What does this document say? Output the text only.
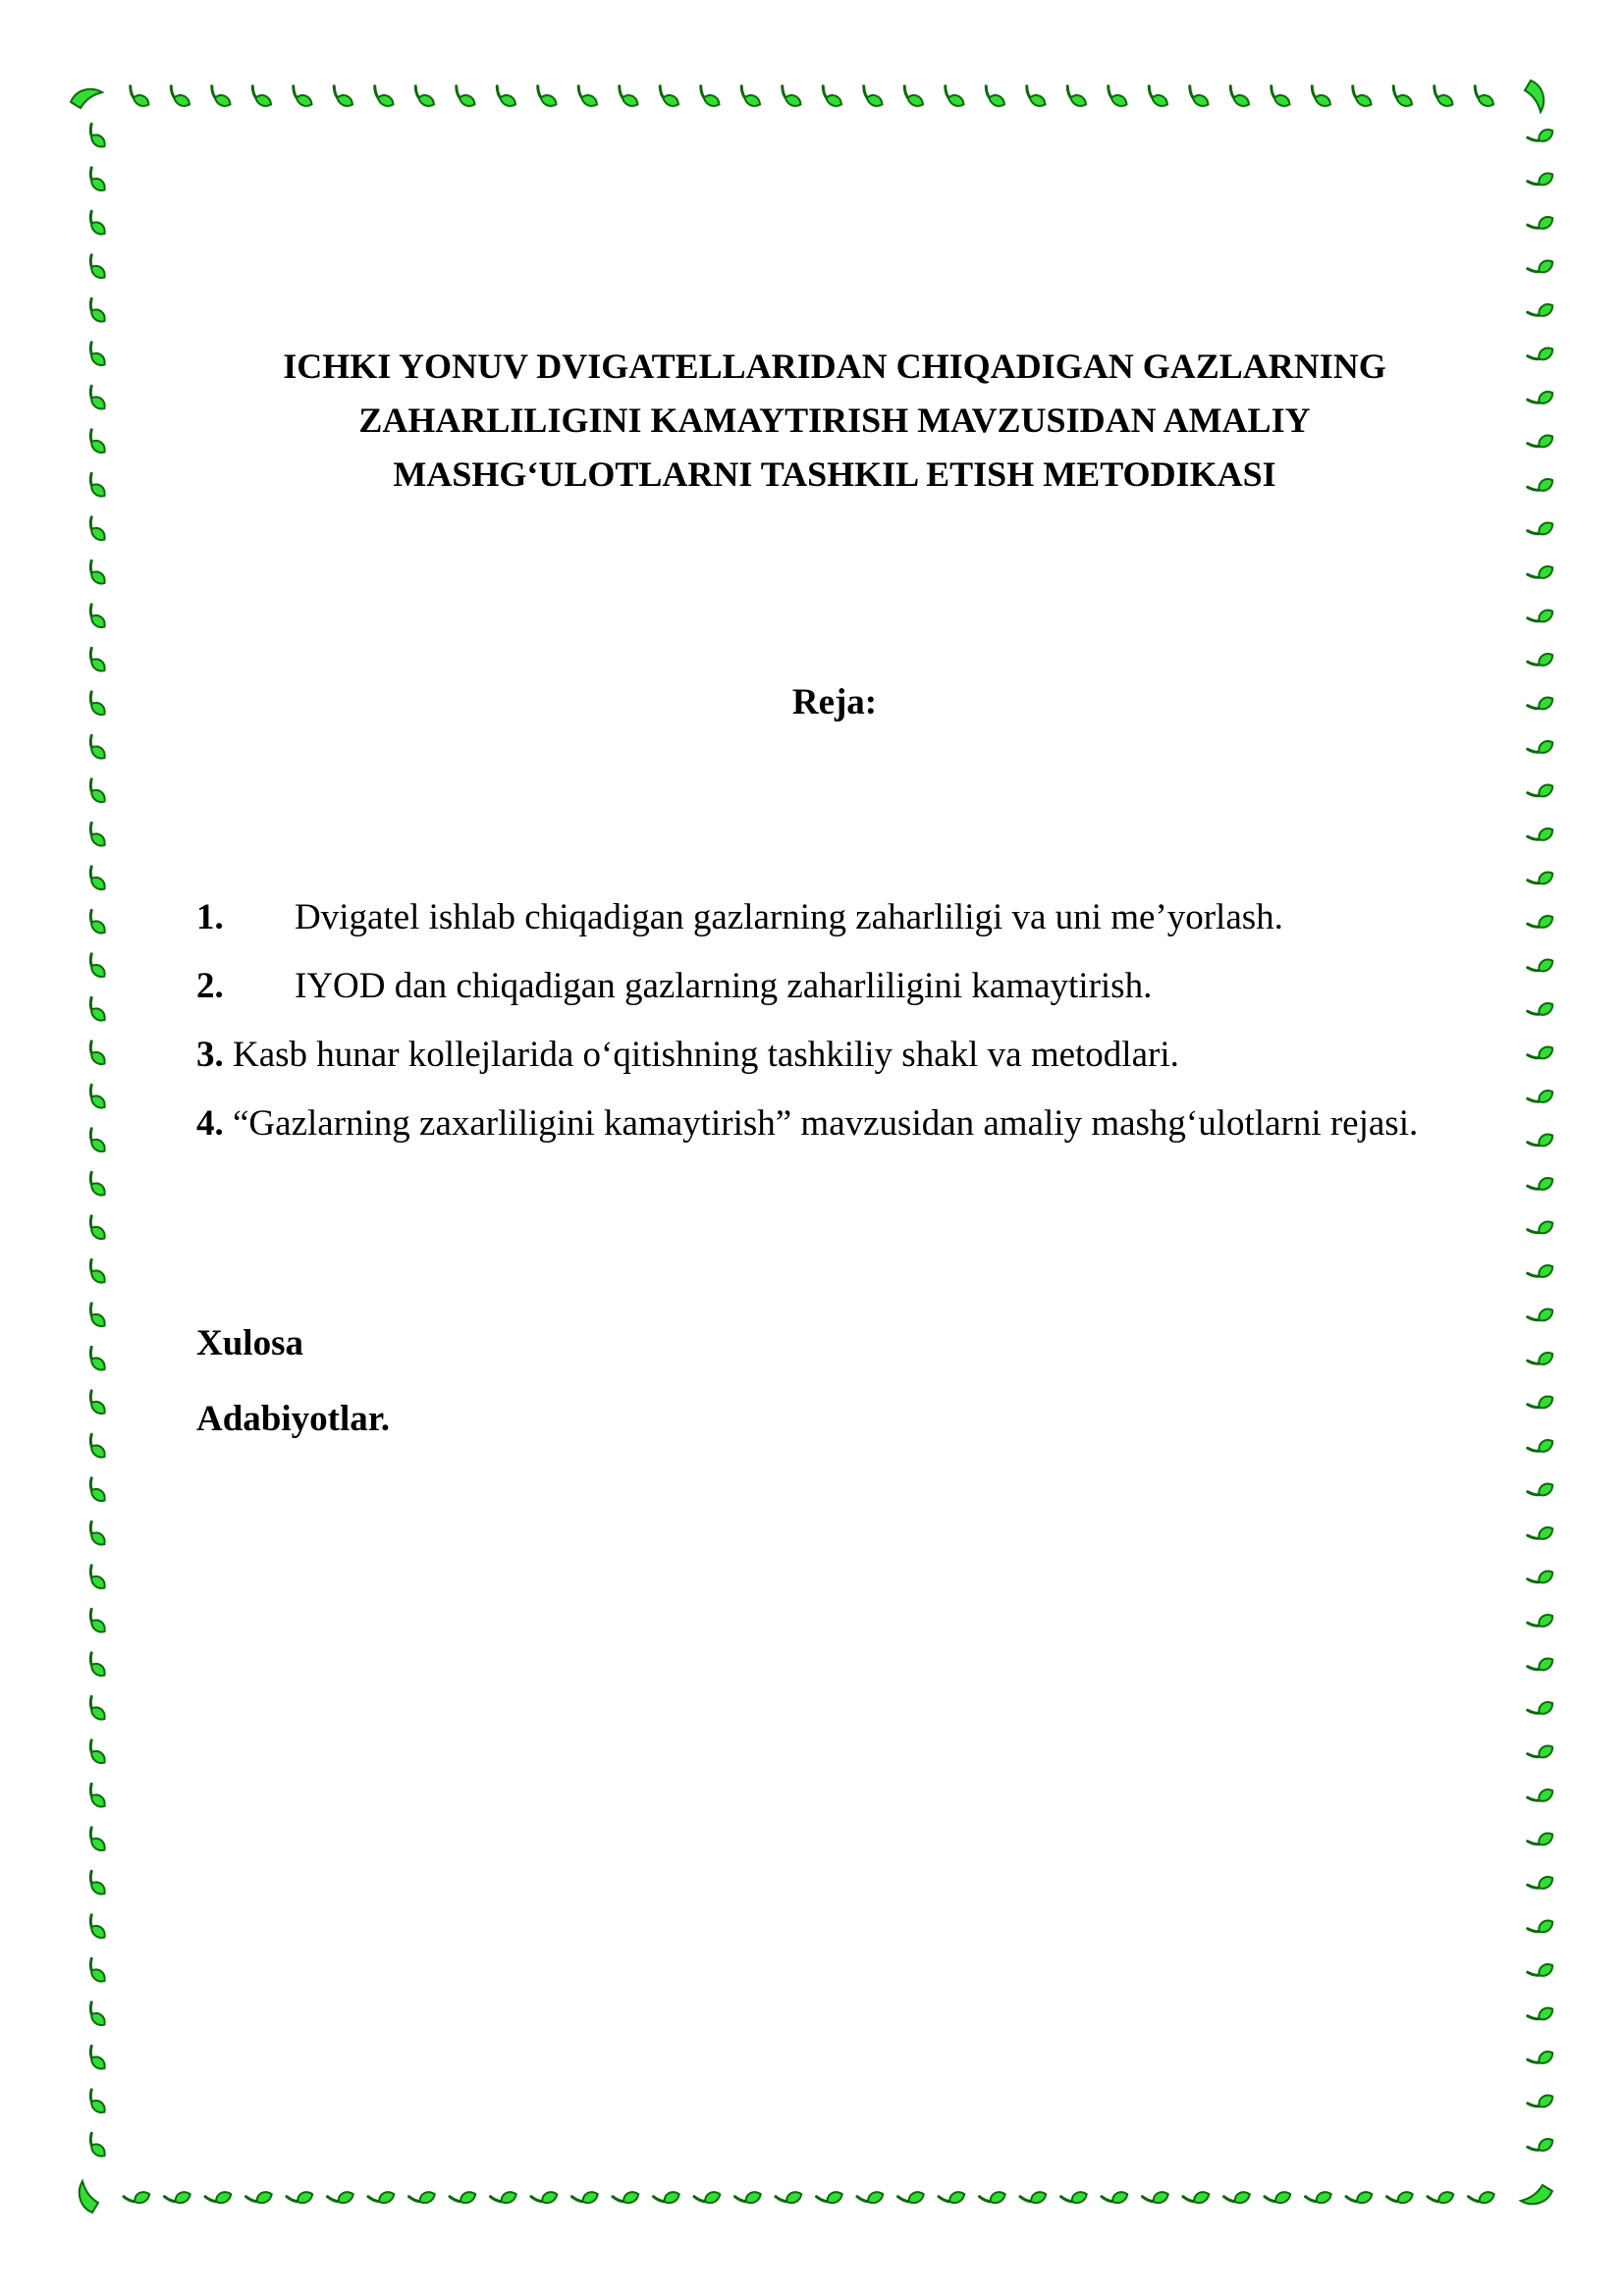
ICHKI YONUV DVIGATELLARIDAN CHIQADIGAN GAZLARNING
ZAHARLILIGINI KAMAYTIRISH MAVZUSIDAN AMALIY
MASHG‘ULOTLARNI TASHKIL ETISH METODIKASI
Reja:
1. Dvigatel ishlab chiqadigan gazlarning zaharliligi va uni me’yorlash.
2. IYOD dan chiqadigan gazlarning zaharliligini kamaytirish.
3. Kasb hunar kollejlarida o‘qitishning tashkiliy shakl va metodlari.
4. “Gazlarning zaxarliligini kamaytirish” mavzusidan amaliy mashg‘ulotlarni rejasi.
Xulosa
Adabiyotlar.
